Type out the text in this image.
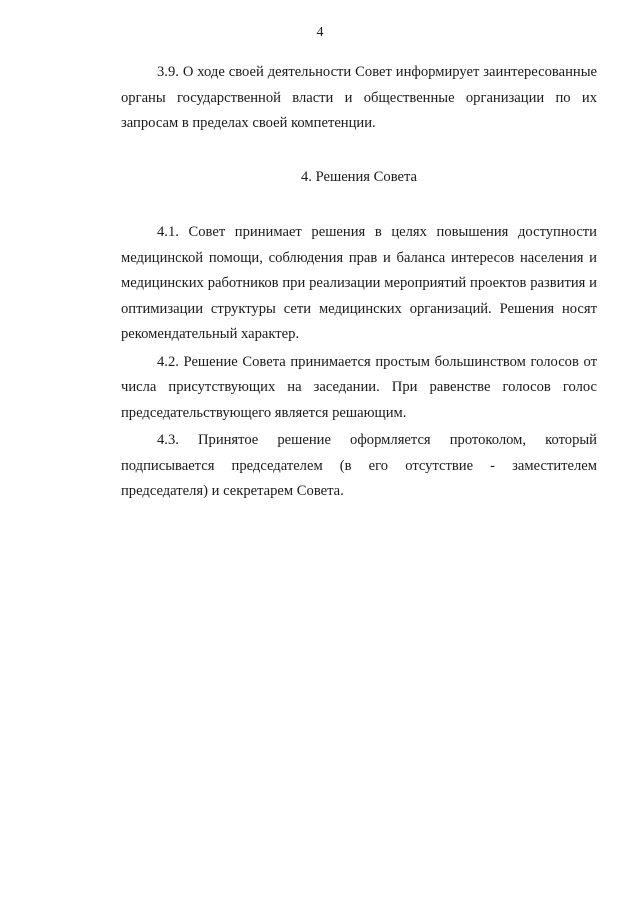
4

3.9. О ходе своей деятельности Совет информирует заинтересованные органы государственной власти и общественные организации по их запросам в пределах своей компетенции.

4. Решения Совета

4.1. Совет принимает решения в целях повышения доступности медицинской помощи, соблюдения прав и баланса интересов населения и медицинских работников при реализации мероприятий проектов развития и оптимизации структуры сети медицинских организаций. Решения носят рекомендательный характер.

4.2. Решение Совета принимается простым большинством голосов от числа присутствующих на заседании. При равенстве голосов голос председательствующего является решающим.

4.3. Принятое решение оформляется протоколом, который подписывается председателем (в его отсутствие - заместителем председателя) и секретарем Совета.
